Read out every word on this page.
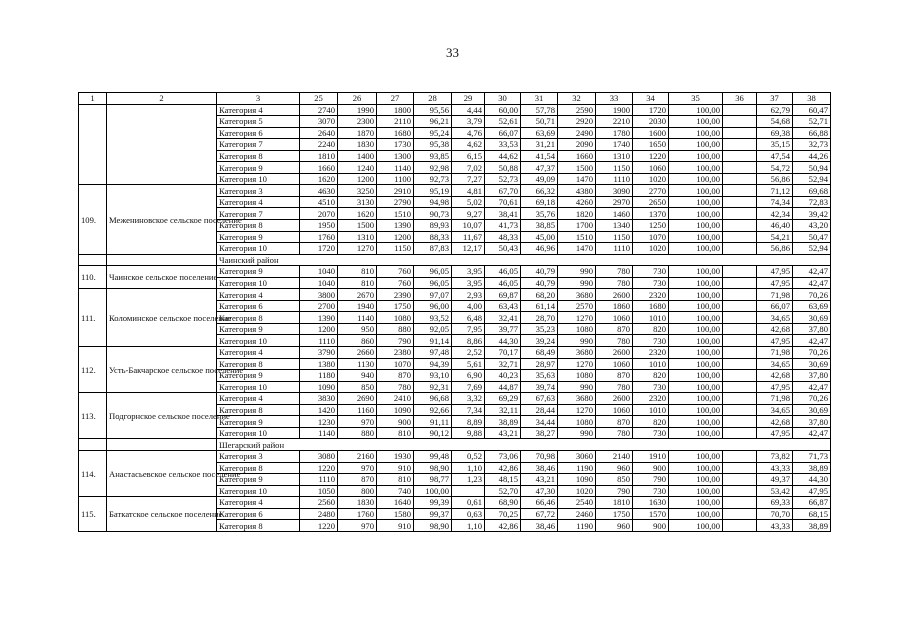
33
1	2	3	25	26	27	28	29	30	31	32	33	34	35	36	37	38
		Категория 4	2740	1990	1800	95,56	4,44	60,00	57,78	2590	1900	1720	100,00		62,79	60,47
		Категория 5	3070	2300	2110	96,21	3,79	52,61	50,71	2920	2210	2030	100,00		54,68	52,71
		Категория 6	2640	1870	1680	95,24	4,76	66,07	63,69	2490	1780	1600	100,00		69,38	66,88
		Категория 7	2240	1830	1730	95,38	4,62	33,53	31,21	2090	1740	1650	100,00		35,15	32,73
		Категория 8	1810	1400	1300	93,85	6,15	44,62	41,54	1660	1310	1220	100,00		47,54	44,26
		Категория 9	1660	1240	1140	92,98	7,02	50,88	47,37	1500	1150	1060	100,00		54,72	50,94
		Категория 10	1620	1200	1100	92,73	7,27	52,73	49,09	1470	1110	1020	100,00		56,86	52,94
109.	Межениновское сельское поселение	Категория 3	4630	3250	2910	95,19	4,81	67,70	66,32	4380	3090	2770	100,00		71,12	69,68
		Категория 4	4510	3130	2790	94,98	5,02	70,61	69,18	4260	2970	2650	100,00		74,34	72,83
		Категория 7	2070	1620	1510	90,73	9,27	38,41	35,76	1820	1460	1370	100,00		42,34	39,42
		Категория 8	1950	1500	1390	89,93	10,07	41,73	38,85	1700	1340	1250	100,00		46,40	43,20
		Категория 9	1760	1310	1200	88,33	11,67	48,33	45,00	1510	1150	1070	100,00		54,21	50,47
		Категория 10	1720	1270	1150	87,83	12,17	50,43	46,96	1470	1110	1020	100,00		56,86	52,94
		Чаинский район														
110.	Чаинское сельское поселение	Категория 9	1040	810	760	96,05	3,95	46,05	40,79	990	780	730	100,00		47,95	42,47
		Категория 10	1040	810	760	96,05	3,95	46,05	40,79	990	780	730	100,00		47,95	42,47
111.	Коломинское сельское поселение	Категория 4	3800	2670	2390	97,07	2,93	69,87	68,20	3680	2600	2320	100,00		71,98	70,26
		Категория 6	2700	1940	1750	96,00	4,00	63,43	61,14	2570	1860	1680	100,00		66,07	63,69
		Категория 8	1390	1140	1080	93,52	6,48	32,41	28,70	1270	1060	1010	100,00		34,65	30,69
		Категория 9	1200	950	880	92,05	7,95	39,77	35,23	1080	870	820	100,00		42,68	37,80
		Категория 10	1110	860	790	91,14	8,86	44,30	39,24	990	780	730	100,00		47,95	42,47
112.	Усть-Бакчарское сельское поселение	Категория 4	3790	2660	2380	97,48	2,52	70,17	68,49	3680	2600	2320	100,00		71,98	70,26
		Категория 8	1380	1130	1070	94,39	5,61	32,71	28,97	1270	1060	1010	100,00		34,65	30,69
		Категория 9	1180	940	870	93,10	6,90	40,23	35,63	1080	870	820	100,00		42,68	37,80
		Категория 10	1090	850	780	92,31	7,69	44,87	39,74	990	780	730	100,00		47,95	42,47
113.	Подгорнское сельское поселение	Категория 4	3830	2690	2410	96,68	3,32	69,29	67,63	3680	2600	2320	100,00		71,98	70,26
		Категория 8	1420	1160	1090	92,66	7,34	32,11	28,44	1270	1060	1010	100,00		34,65	30,69
		Категория 9	1230	970	900	91,11	8,89	38,89	34,44	1080	870	820	100,00		42,68	37,80
		Категория 10	1140	880	810	90,12	9,88	43,21	38,27	990	780	730	100,00		47,95	42,47
		Шегарский район														
114.	Анастасьевское сельское поселение	Категория 3	3080	2160	1930	99,48	0,52	73,06	70,98	3060	2140	1910	100,00		73,82	71,73
		Категория 8	1220	970	910	98,90	1,10	42,86	38,46	1190	960	900	100,00		43,33	38,89
		Категория 9	1110	870	810	98,77	1,23	48,15	43,21	1090	850	790	100,00		49,37	44,30
		Категория 10	1050	800	740	100,00		52,70	47,30	1020	790	730	100,00		53,42	47,95
115.	Баткатское сельское поселение	Категория 4	2560	1830	1640	99,39	0,61	68,90	66,46	2540	1810	1630	100,00		69,33	66,87
		Категория 6	2480	1760	1580	99,37	0,63	70,25	67,72	2460	1750	1570	100,00		70,70	68,15
		Категория 8	1220	970	910	98,90	1,10	42,86	38,46	1190	960	900	100,00		43,33	38,89
